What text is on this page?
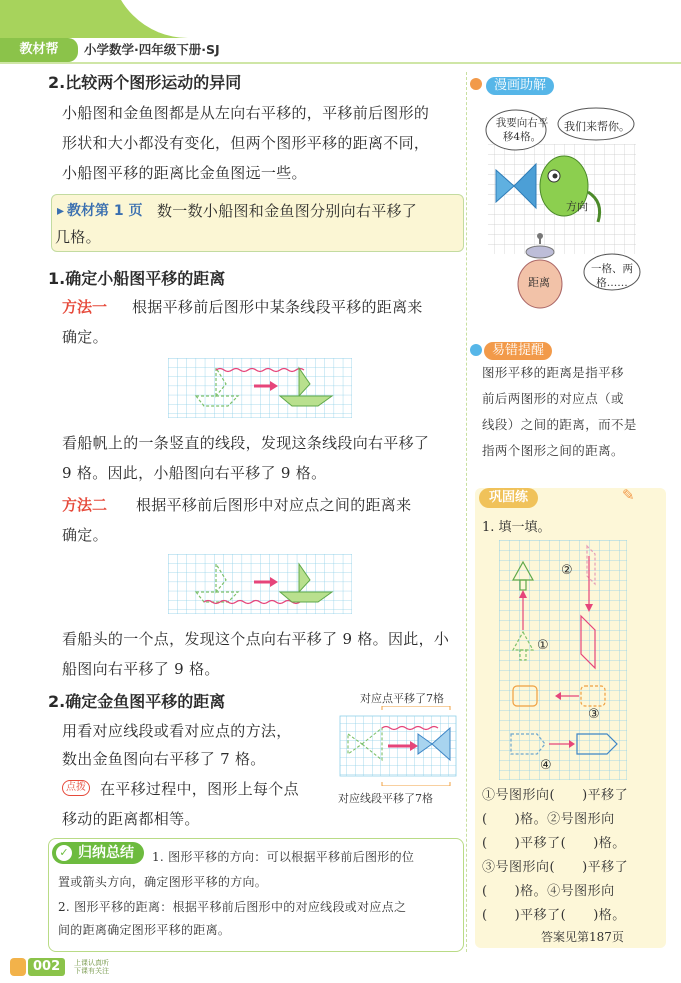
教材帮	小学数学·四年级下册·SJ
2.比较两个图形运动的异同
小船图和金鱼图都是从左向右平移的，平移前后图形的
形状和大小都没有变化，但两个图形平移的距离不同，
小船图平移的距离比金鱼图远一些。
▸ 教材第 1 页 数一数小船图和金鱼图分别向右平移了
几格。
1.确定小船图平移的距离
方法一 根据平移前后图形中某条线段平移的距离来
确定。
看船帆上的一条竖直的线段，发现这条线段向右平移了
9 格。因此，小船图向右平移了 9 格。
方法二 根据平移前后图形中对应点之间的距离来
确定。
看船头的一个点，发现这个点向右平移了 9 格。因此，小
船图向右平移了 9 格。
2.确定金鱼图平移的距离
用看对应线段或看对应点的方法，
数出金鱼图向右平移了 7 格。
点拨 在平移过程中，图形上每个点
移动的距离都相等。
对应点平移了7格
对应线段平移了7格
归纳总结
✓	1. 图形平移的方向：可以根据平移前后图形的位
置或箭头方向，确定图形平移的方向。
2. 图形平移的距离：根据平移前后图形中的对应线段或对应点之
间的距离确定图形平移的距离。
漫画助解
我要向右平移4格。
我们来帮你。
方向
距离
一格、两格……
易错提醒
图形平移的距离是指平移
前后两图形的对应点（或
线段）之间的距离，而不是
指两个图形之间的距离。
巩固练	✎
1. 填一填。
②
①
③
④
①号图形向(　　)平移了
(　　)格。②号图形向
(　　)平移了(　　)格。
③号图形向(　　)平移了
(　　)格。④号图形向
(　　)平移了(　　)格。
答案见第187页
002	上课认真听
下课有关注
